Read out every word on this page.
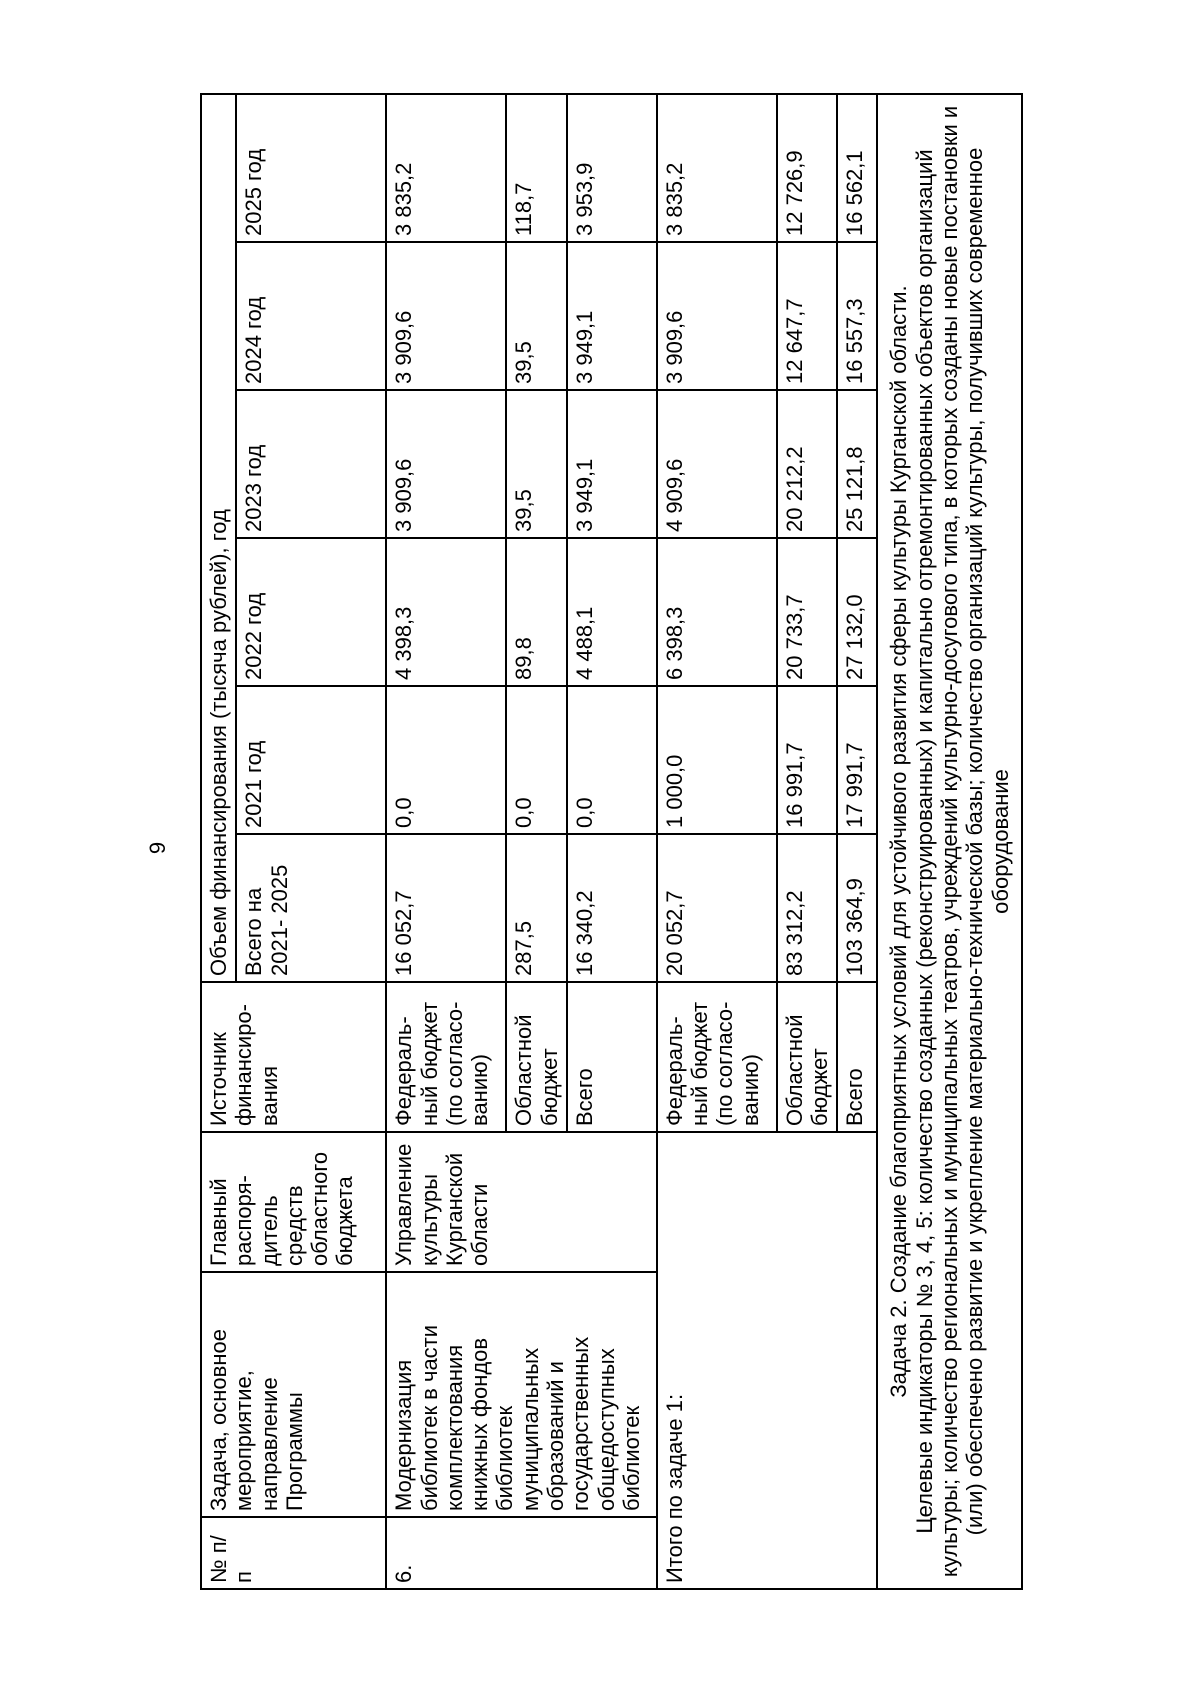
9
№ п/ п	Задача, основное мероприятие, направление Программы	Главный распоря- дитель средств областного бюджета	Источник финансиро- вания	Объем финансирования (тысяча рублей), год					
				Всего на 2021- 2025	2021 год	2022 год	2023 год	2024 год	2025 год
6.	Модернизация библиотек в части комплектования книжных фондов библиотек муниципальных образований и государственных общедоступных библиотек	Управление культуры Курганской области	Федераль- ный бюджет (по согласо- ванию)	16 052,7	0,0	4 398,3	3 909,6	3 909,6	3 835,2
			Областной бюджет	287,5	0,0	89,8	39,5	39,5	118,7
			Всего	16 340,2	0,0	4 488,1	3 949,1	3 949,1	3 953,9
Итого по задаче 1:			Федераль- ный бюджет (по согласо- ванию)	20 052,7	1 000,0	6 398,3	4 909,6	3 909,6	3 835,2
			Областной бюджет	83 312,2	16 991,7	20 733,7	20 212,2	12 647,7	12 726,9
			Всего	103 364,9	17 991,7	27 132,0	25 121,8	16 557,3	16 562,1

Задача 2. Создание благоприятных условий для устойчивого развития сферы культуры Курганской области. Целевые индикаторы № 3, 4, 5: количество созданных (реконструированных) и капитально отремонтированных объектов организаций культуры; количество региональных и муниципальных театров, учреждений культурно-досугового типа, в которых созданы новые постановки и (или) обеспечено развитие и укрепление материально-технической базы; количество организаций культуры, получивших современное оборудование									
